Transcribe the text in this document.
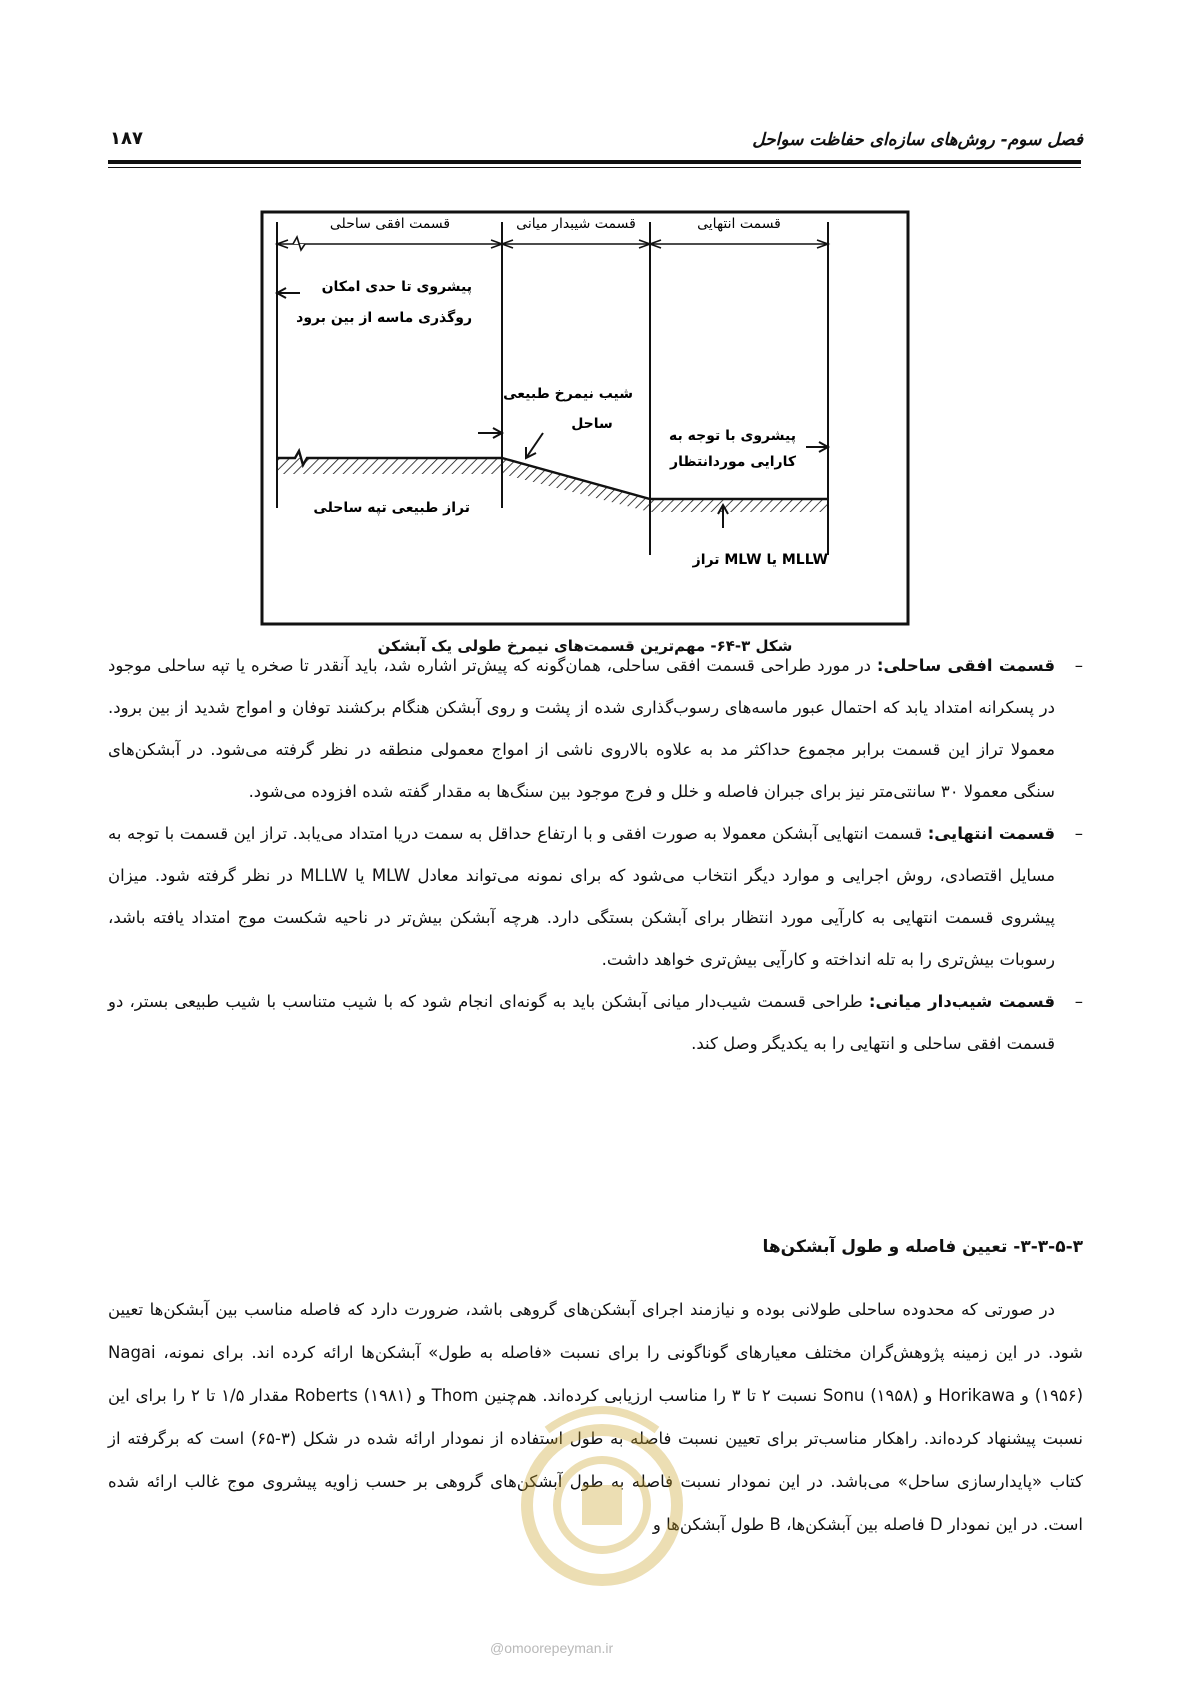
فصل سوم- روش‌های سازه‌ای حفاظت سواحل
۱۸۷
قسمت افقی ساحلی	قسمت شیبدار میانی	قسمت انتهایی
پیشروی تا حدی امکان
روگذری ماسه از بین برود
شیب نیمرخ طبیعی
ساحل
پیشروی با توجه به
کارایی موردانتظار
تراز طبیعی تپه ساحلی
تراز MLW یا MLLW
شکل ۳-۶۴- مهم‌ترین قسمت‌های نیمرخ طولی یک آبشکن

–
قسمت افقی ساحلی: در مورد طراحی قسمت افقی ساحلی، همان‌گونه که پیش‌تر اشاره شد، باید آنقدر تا صخره یا تپه ساحلی موجود در پسکرانه امتداد یابد که احتمال عبور ماسه‌های رسوب‌گذاری شده از پشت و روی آبشکن هنگام برکشند توفان و امواج شدید از بین برود. معمولا تراز این قسمت برابر مجموع حداکثر مد به علاوه بالاروی ناشی از امواج معمولی منطقه در نظر گرفته می‌شود. در آبشکن‌های سنگی معمولا ۳۰ سانتی‌متر نیز برای جبران فاصله و خلل و فرج موجود بین سنگ‌ها به مقدار گفته شده افزوده می‌شود.

–
قسمت انتهایی: قسمت انتهایی آبشکن معمولا به صورت افقی و با ارتفاع حداقل به سمت دریا امتداد می‌یابد. تراز این قسمت با توجه به مسایل اقتصادی، روش اجرایی و موارد دیگر انتخاب می‌شود که برای نمونه می‌تواند معادل MLW یا MLLW در نظر گرفته شود. میزان پیشروی قسمت انتهایی به کارآیی مورد انتظار برای آبشکن بستگی دارد. هرچه آبشکن بیش‌تر در ناحیه شکست موج امتداد یافته باشد، رسوبات بیش‌تری را به تله انداخته و کارآیی بیش‌تری خواهد داشت.

–
قسمت شیب‌دار میانی: طراحی قسمت شیب‌دار میانی آبشکن باید به گونه‌ای انجام شود که با شیب متناسب با شیب طبیعی بستر، دو قسمت افقی ساحلی و انتهایی را به یکدیگر وصل کند.

۳-۳-۵-۳- تعیین فاصله و طول آبشکن‌ها

در صورتی که محدوده ساحلی طولانی بوده و نیازمند اجرای آبشکن‌های گروهی باشد، ضرورت دارد که فاصله مناسب بین آبشکن‌ها تعیین شود. در این زمینه پژوهش‌گران مختلف معیارهای گوناگونی را برای نسبت «فاصله به طول» آبشکن‌ها ارائه کرده اند. برای نمونه، Nagai (۱۹۵۶) و Horikawa و Sonu (۱۹۵۸) نسبت ۲ تا ۳ را مناسب ارزیابی کرده‌اند. هم‌چنین Thom و Roberts (۱۹۸۱) مقدار ۱/۵ تا ۲ را برای این نسبت پیشنهاد کرده‌اند. راهکار مناسب‌تر برای تعیین نسبت فاصله به طول استفاده از نمودار ارائه شده در شکل (۳-۶۵) است که برگرفته از کتاب «پایدارسازی ساحل» می‌باشد. در این نمودار نسبت فاصله به طول آبشکن‌های گروهی بر حسب زاویه پیشروی موج غالب ارائه شده است. در این نمودار D فاصله بین آبشکن‌ها، B طول آبشکن‌ها و

@omoorepeyman.ir
